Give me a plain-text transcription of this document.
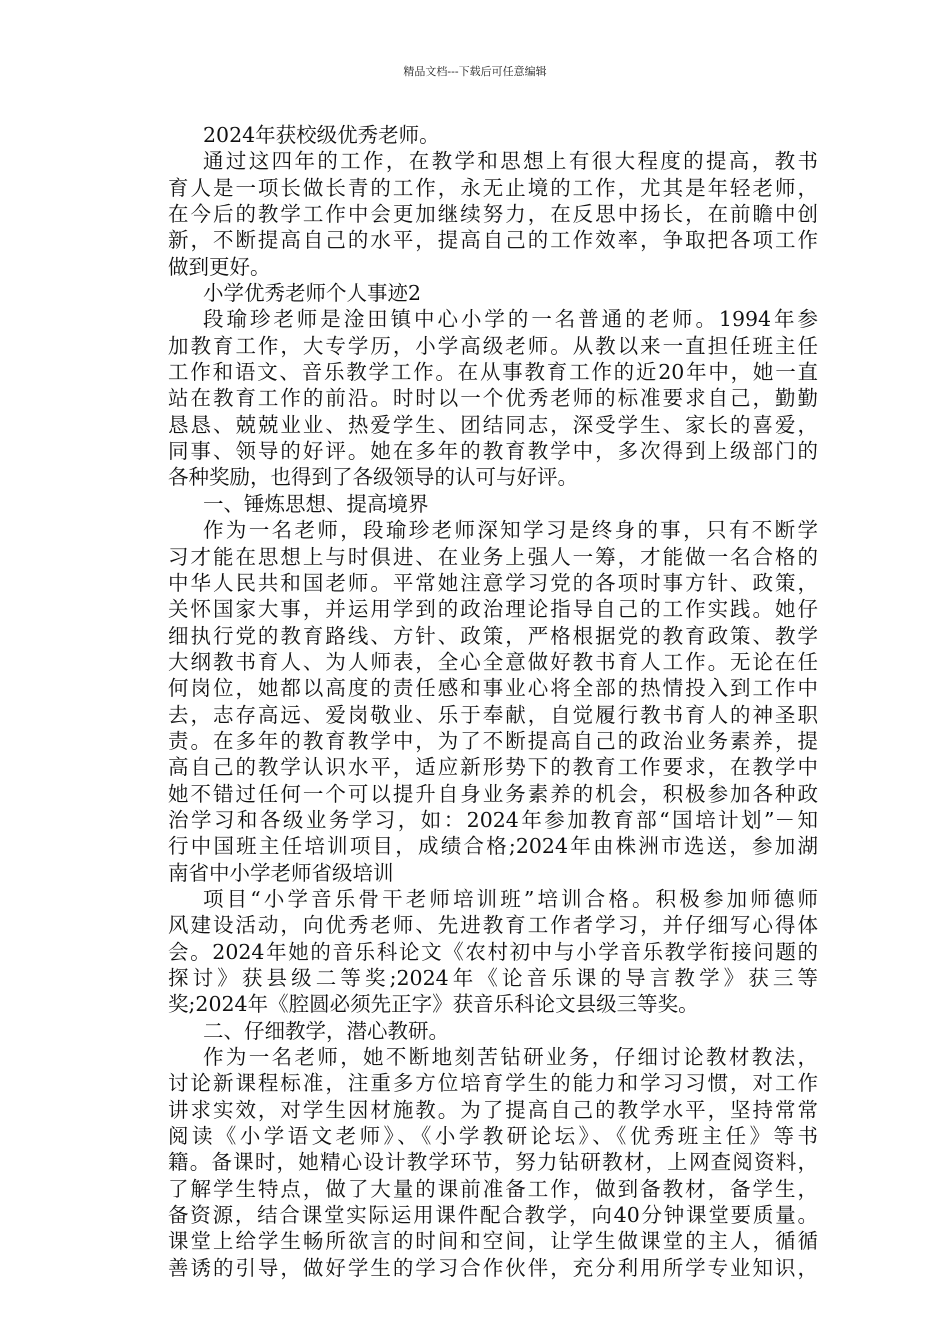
精品文档---下载后可任意编辑
2024年获校级优秀老师。
通过这四年的工作，在教学和思想上有很大程度的提高，教书
育人是一项长做长青的工作，永无止境的工作，尤其是年轻老师，
在今后的教学工作中会更加继续努力，在反思中扬长，在前瞻中创
新，不断提高自己的水平，提高自己的工作效率，争取把各项工作
做到更好。
小学优秀老师个人事迹2
段瑜珍老师是淦田镇中心小学的一名普通的老师。1994年参
加教育工作，大专学历，小学高级老师。从教以来一直担任班主任
工作和语文、音乐教学工作。在从事教育工作的近20年中，她一直
站在教育工作的前沿。时时以一个优秀老师的标准要求自己，勤勤
恳恳、兢兢业业、热爱学生、团结同志，深受学生、家长的喜爱，
同事、领导的好评。她在多年的教育教学中，多次得到上级部门的
各种奖励，也得到了各级领导的认可与好评。
一、锤炼思想、提高境界
作为一名老师，段瑜珍老师深知学习是终身的事，只有不断学
习才能在思想上与时俱进、在业务上强人一筹，才能做一名合格的
中华人民共和国老师。平常她注意学习党的各项时事方针、政策，
关怀国家大事，并运用学到的政治理论指导自己的工作实践。她仔
细执行党的教育路线、方针、政策，严格根据党的教育政策、教学
大纲教书育人、为人师表，全心全意做好教书育人工作。无论在任
何岗位，她都以高度的责任感和事业心将全部的热情投入到工作中
去，志存高远、爱岗敬业、乐于奉献，自觉履行教书育人的神圣职
责。在多年的教育教学中，为了不断提高自己的政治业务素养，提
高自己的教学认识水平，适应新形势下的教育工作要求，在教学中
她不错过任何一个可以提升自身业务素养的机会，积极参加各种政
治学习和各级业务学习，如：2024年参加教育部“国培计划”－知
行中国班主任培训项目，成绩合格;2024年由株洲市选送，参加湖
南省中小学老师省级培训
项目“小学音乐骨干老师培训班”培训合格。积极参加师德师
风建设活动，向优秀老师、先进教育工作者学习，并仔细写心得体
会。2024年她的音乐科论文《农村初中与小学音乐教学衔接问题的
探讨》获县级二等奖;2024年《论音乐课的导言教学》获三等
奖;2024年《腔圆必须先正字》获音乐科论文县级三等奖。
二、仔细教学，潜心教研。
作为一名老师，她不断地刻苦钻研业务，仔细讨论教材教法，
讨论新课程标准，注重多方位培育学生的能力和学习习惯，对工作
讲求实效，对学生因材施教。为了提高自己的教学水平，坚持常常
阅读《小学语文老师》、《小学教研论坛》、《优秀班主任》等书
籍。备课时，她精心设计教学环节，努力钻研教材，上网查阅资料，
了解学生特点，做了大量的课前准备工作，做到备教材，备学生，
备资源，结合课堂实际运用课件配合教学，向40分钟课堂要质量。
课堂上给学生畅所欲言的时间和空间，让学生做课堂的主人，循循
善诱的引导，做好学生的学习合作伙伴，充分利用所学专业知识，
